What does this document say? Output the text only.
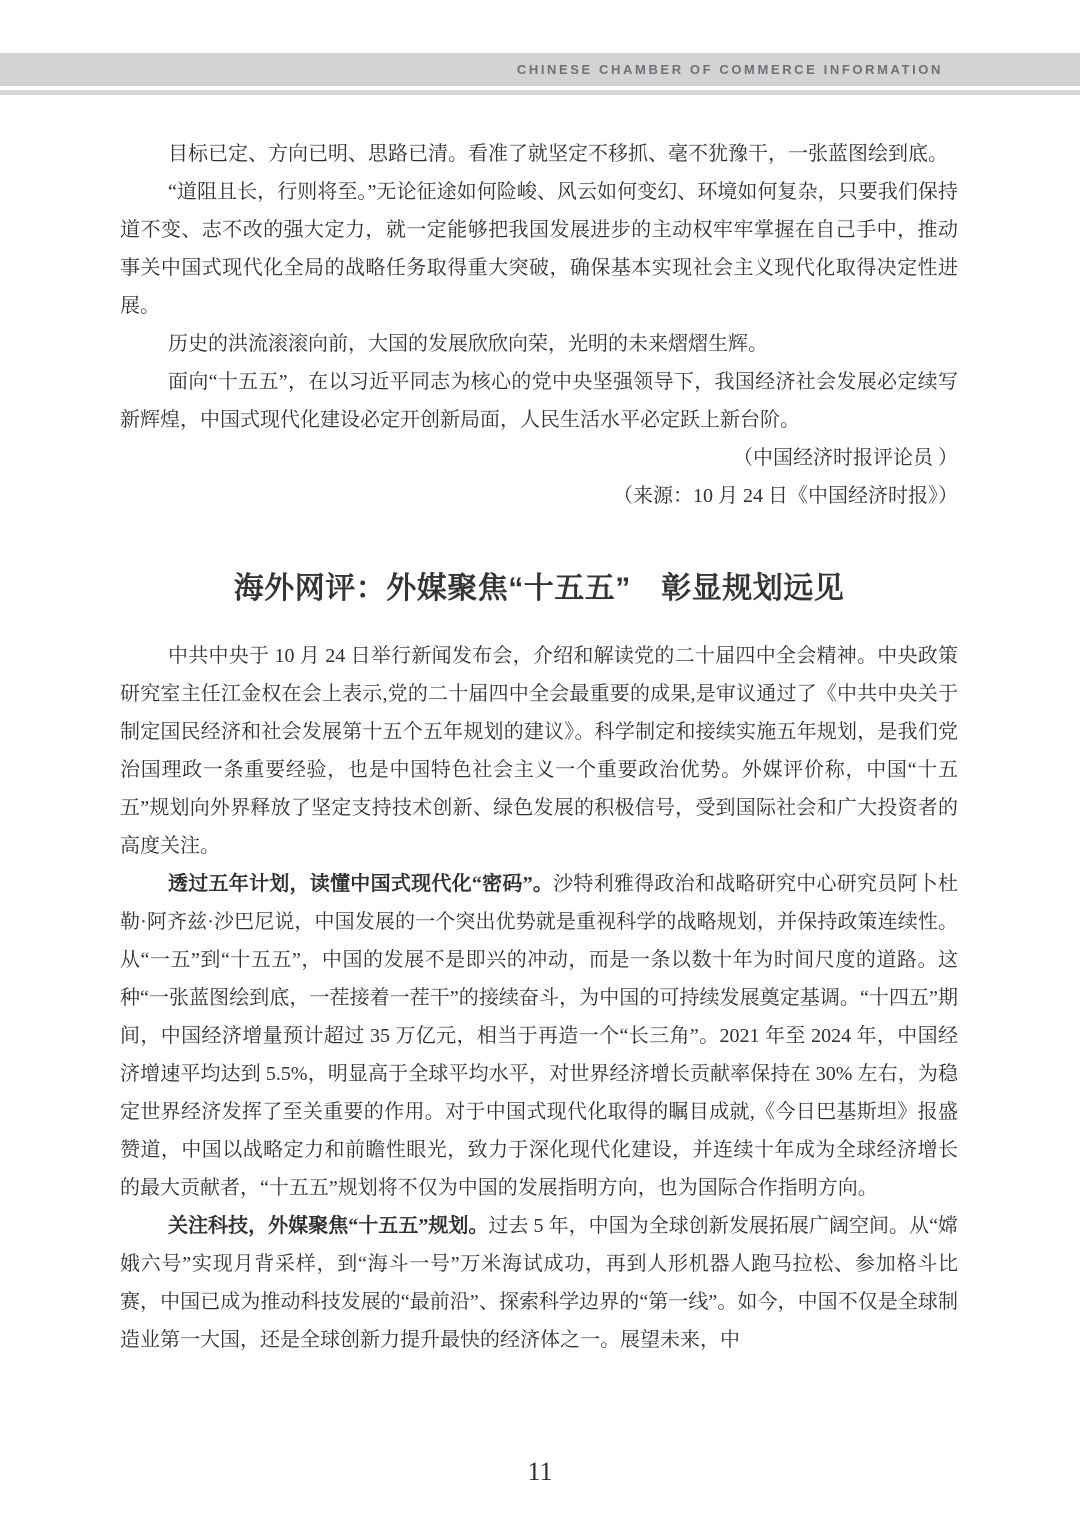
CHINESE CHAMBER OF COMMERCE INFORMATION

目标已定、方向已明、思路已清。看准了就坚定不移抓、毫不犹豫干，一张蓝图绘到底。

“道阻且长，行则将至。”无论征途如何险峻、风云如何变幻、环境如何复杂，只要我们保持道不变、志不改的强大定力，就一定能够把我国发展进步的主动权牢牢掌握在自己手中，推动事关中国式现代化全局的战略任务取得重大突破，确保基本实现社会主义现代化取得决定性进展。

历史的洪流滚滚向前，大国的发展欣欣向荣，光明的未来熠熠生辉。

面向“十五五”，在以习近平同志为核心的党中央坚强领导下，我国经济社会发展必定续写新辉煌，中国式现代化建设必定开创新局面，人民生活水平必定跃上新台阶。

（中国经济时报评论员 ）

（来源：10 月 24 日《中国经济时报》）

海外网评：外媒聚焦“十五五”　彰显规划远见

中共中央于 10 月 24 日举行新闻发布会，介绍和解读党的二十届四中全会精神。中央政策研究室主任江金权在会上表示,党的二十届四中全会最重要的成果,是审议通过了《中共中央关于制定国民经济和社会发展第十五个五年规划的建议》。科学制定和接续实施五年规划，是我们党治国理政一条重要经验，也是中国特色社会主义一个重要政治优势。外媒评价称，中国“十五五”规划向外界释放了坚定支持技术创新、绿色发展的积极信号，受到国际社会和广大投资者的高度关注。

透过五年计划，读懂中国式现代化“密码”。沙特利雅得政治和战略研究中心研究员阿卜杜勒·阿齐兹·沙巴尼说，中国发展的一个突出优势就是重视科学的战略规划，并保持政策连续性。从“一五”到“十五五”，中国的发展不是即兴的冲动，而是一条以数十年为时间尺度的道路。这种“一张蓝图绘到底，一茬接着一茬干”的接续奋斗，为中国的可持续发展奠定基调。“十四五”期间，中国经济增量预计超过 35 万亿元，相当于再造一个“长三角”。2021 年至 2024 年，中国经济增速平均达到 5.5%，明显高于全球平均水平，对世界经济增长贡献率保持在 30% 左右，为稳定世界经济发挥了至关重要的作用。对于中国式现代化取得的瞩目成就,《今日巴基斯坦》报盛赞道，中国以战略定力和前瞻性眼光，致力于深化现代化建设，并连续十年成为全球经济增长的最大贡献者，“十五五”规划将不仅为中国的发展指明方向，也为国际合作指明方向。

关注科技，外媒聚焦“十五五”规划。过去 5 年，中国为全球创新发展拓展广阔空间。从“嫦娥六号”实现月背采样，到“海斗一号”万米海试成功，再到人形机器人跑马拉松、参加格斗比赛，中国已成为推动科技发展的“最前沿”、探索科学边界的“第一线”。如今，中国不仅是全球制造业第一大国，还是全球创新力提升最快的经济体之一。展望未来，中

11
